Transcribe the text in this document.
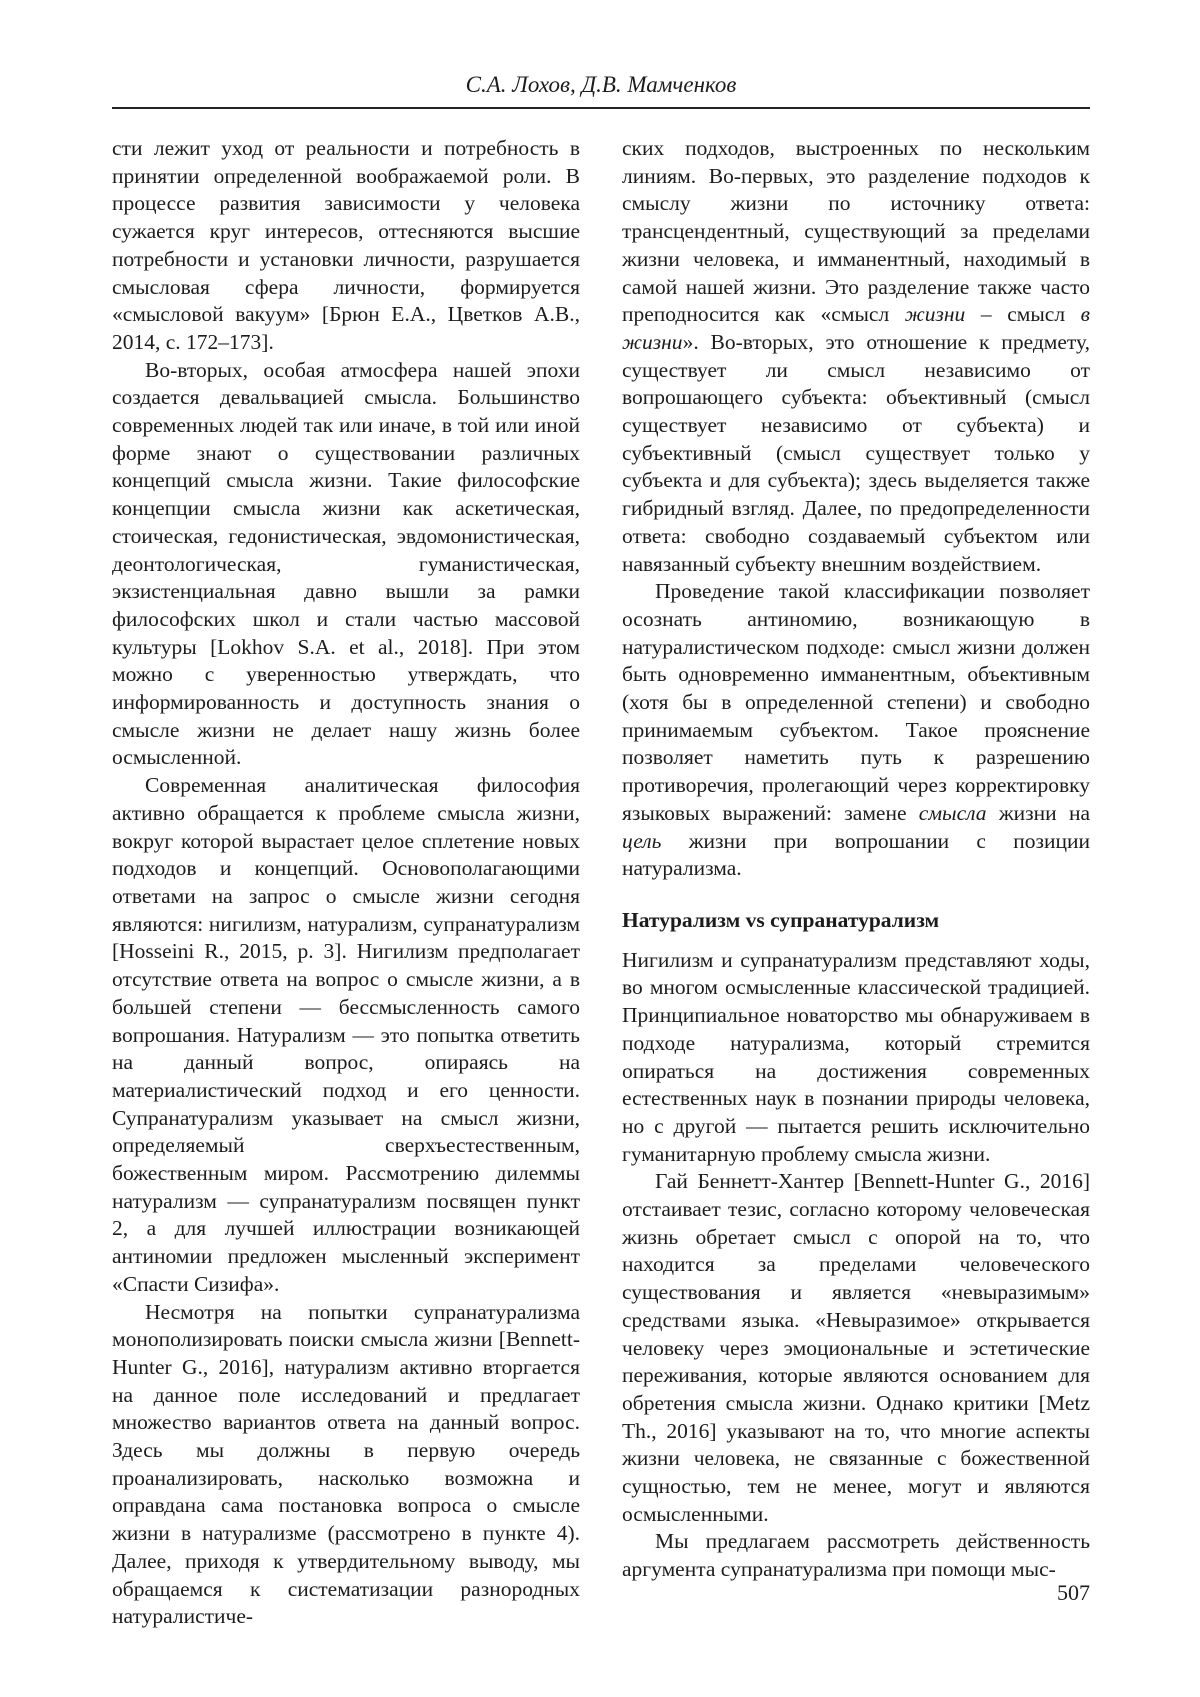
С.А. Лохов, Д.В. Мамченков

сти лежит уход от реальности и потребность в принятии определенной воображаемой роли. В процессе развития зависимости у человека сужается круг интересов, оттесняются высшие потребности и установки личности, разрушается смысловая сфера личности, формируется «смысловой вакуум» [Брюн Е.А., Цветков А.В., 2014, с. 172–173].

Во-вторых, особая атмосфера нашей эпохи создается девальвацией смысла. Большинство современных людей так или иначе, в той или иной форме знают о существовании различных концепций смысла жизни. Такие философские концепции смысла жизни как аскетическая, стоическая, гедонистическая, эвдомонистическая, деонтологическая, гуманистическая, экзистенциальная давно вышли за рамки философских школ и стали частью массовой культуры [Lokhov S.A. et al., 2018]. При этом можно с уверенностью утверждать, что информированность и доступность знания о смысле жизни не делает нашу жизнь более осмысленной.

Современная аналитическая философия активно обращается к проблеме смысла жизни, вокруг которой вырастает целое сплетение новых подходов и концепций. Основополагающими ответами на запрос о смысле жизни сегодня являются: нигилизм, натурализм, супранатурализм [Hosseini R., 2015, p. 3]. Нигилизм предполагает отсутствие ответа на вопрос о смысле жизни, а в большей степени — бессмысленность самого вопрошания. Натурализм — это попытка ответить на данный вопрос, опираясь на материалистический подход и его ценности. Супранатурализм указывает на смысл жизни, определяемый сверхъестественным, божественным миром. Рассмотрению дилеммы натурализм — супранатурализм посвящен пункт 2, а для лучшей иллюстрации возникающей антиномии предложен мысленный эксперимент «Спасти Сизифа».

Несмотря на попытки супранатурализма монополизировать поиски смысла жизни [Bennett-Hunter G., 2016], натурализм активно вторгается на данное поле исследований и предлагает множество вариантов ответа на данный вопрос. Здесь мы должны в первую очередь проанализировать, насколько возможна и оправдана сама постановка вопроса о смысле жизни в натурализме (рассмотрено в пункте 4). Далее, приходя к утвердительному выводу, мы обращаемся к систематизации разнородных натуралистиче-

ских подходов, выстроенных по нескольким линиям. Во-первых, это разделение подходов к смыслу жизни по источнику ответа: трансцендентный, существующий за пределами жизни человека, и имманентный, находимый в самой нашей жизни. Это разделение также часто преподносится как «смысл жизни – смысл в жизни». Во-вторых, это отношение к предмету, существует ли смысл независимо от вопрошающего субъекта: объективный (смысл существует независимо от субъекта) и субъективный (смысл существует только у субъекта и для субъекта); здесь выделяется также гибридный взгляд. Далее, по предопределенности ответа: свободно создаваемый субъектом или навязанный субъекту внешним воздействием.

Проведение такой классификации позволяет осознать антиномию, возникающую в натуралистическом подходе: смысл жизни должен быть одновременно имманентным, объективным (хотя бы в определенной степени) и свободно принимаемым субъектом. Такое прояснение позволяет наметить путь к разрешению противоречия, пролегающий через корректировку языковых выражений: замене смысла жизни на цель жизни при вопрошании с позиции натурализма.

Натурализм vs супранатурализм

Нигилизм и супранатурализм представляют ходы, во многом осмысленные классической традицией. Принципиальное новаторство мы обнаруживаем в подходе натурализма, который стремится опираться на достижения современных естественных наук в познании природы человека, но с другой — пытается решить исключительно гуманитарную проблему смысла жизни.

Гай Беннетт-Хантер [Bennett-Hunter G., 2016] отстаивает тезис, согласно которому человеческая жизнь обретает смысл с опорой на то, что находится за пределами человеческого существования и является «невыразимым» средствами языка. «Невыразимое» открывается человеку через эмоциональные и эстетические переживания, которые являются основанием для обретения смысла жизни. Однако критики [Metz Th., 2016] указывают на то, что многие аспекты жизни человека, не связанные с божественной сущностью, тем не менее, могут и являются осмысленными.

Мы предлагаем рассмотреть действенность аргумента супранатурализма при помощи мыс-

507
